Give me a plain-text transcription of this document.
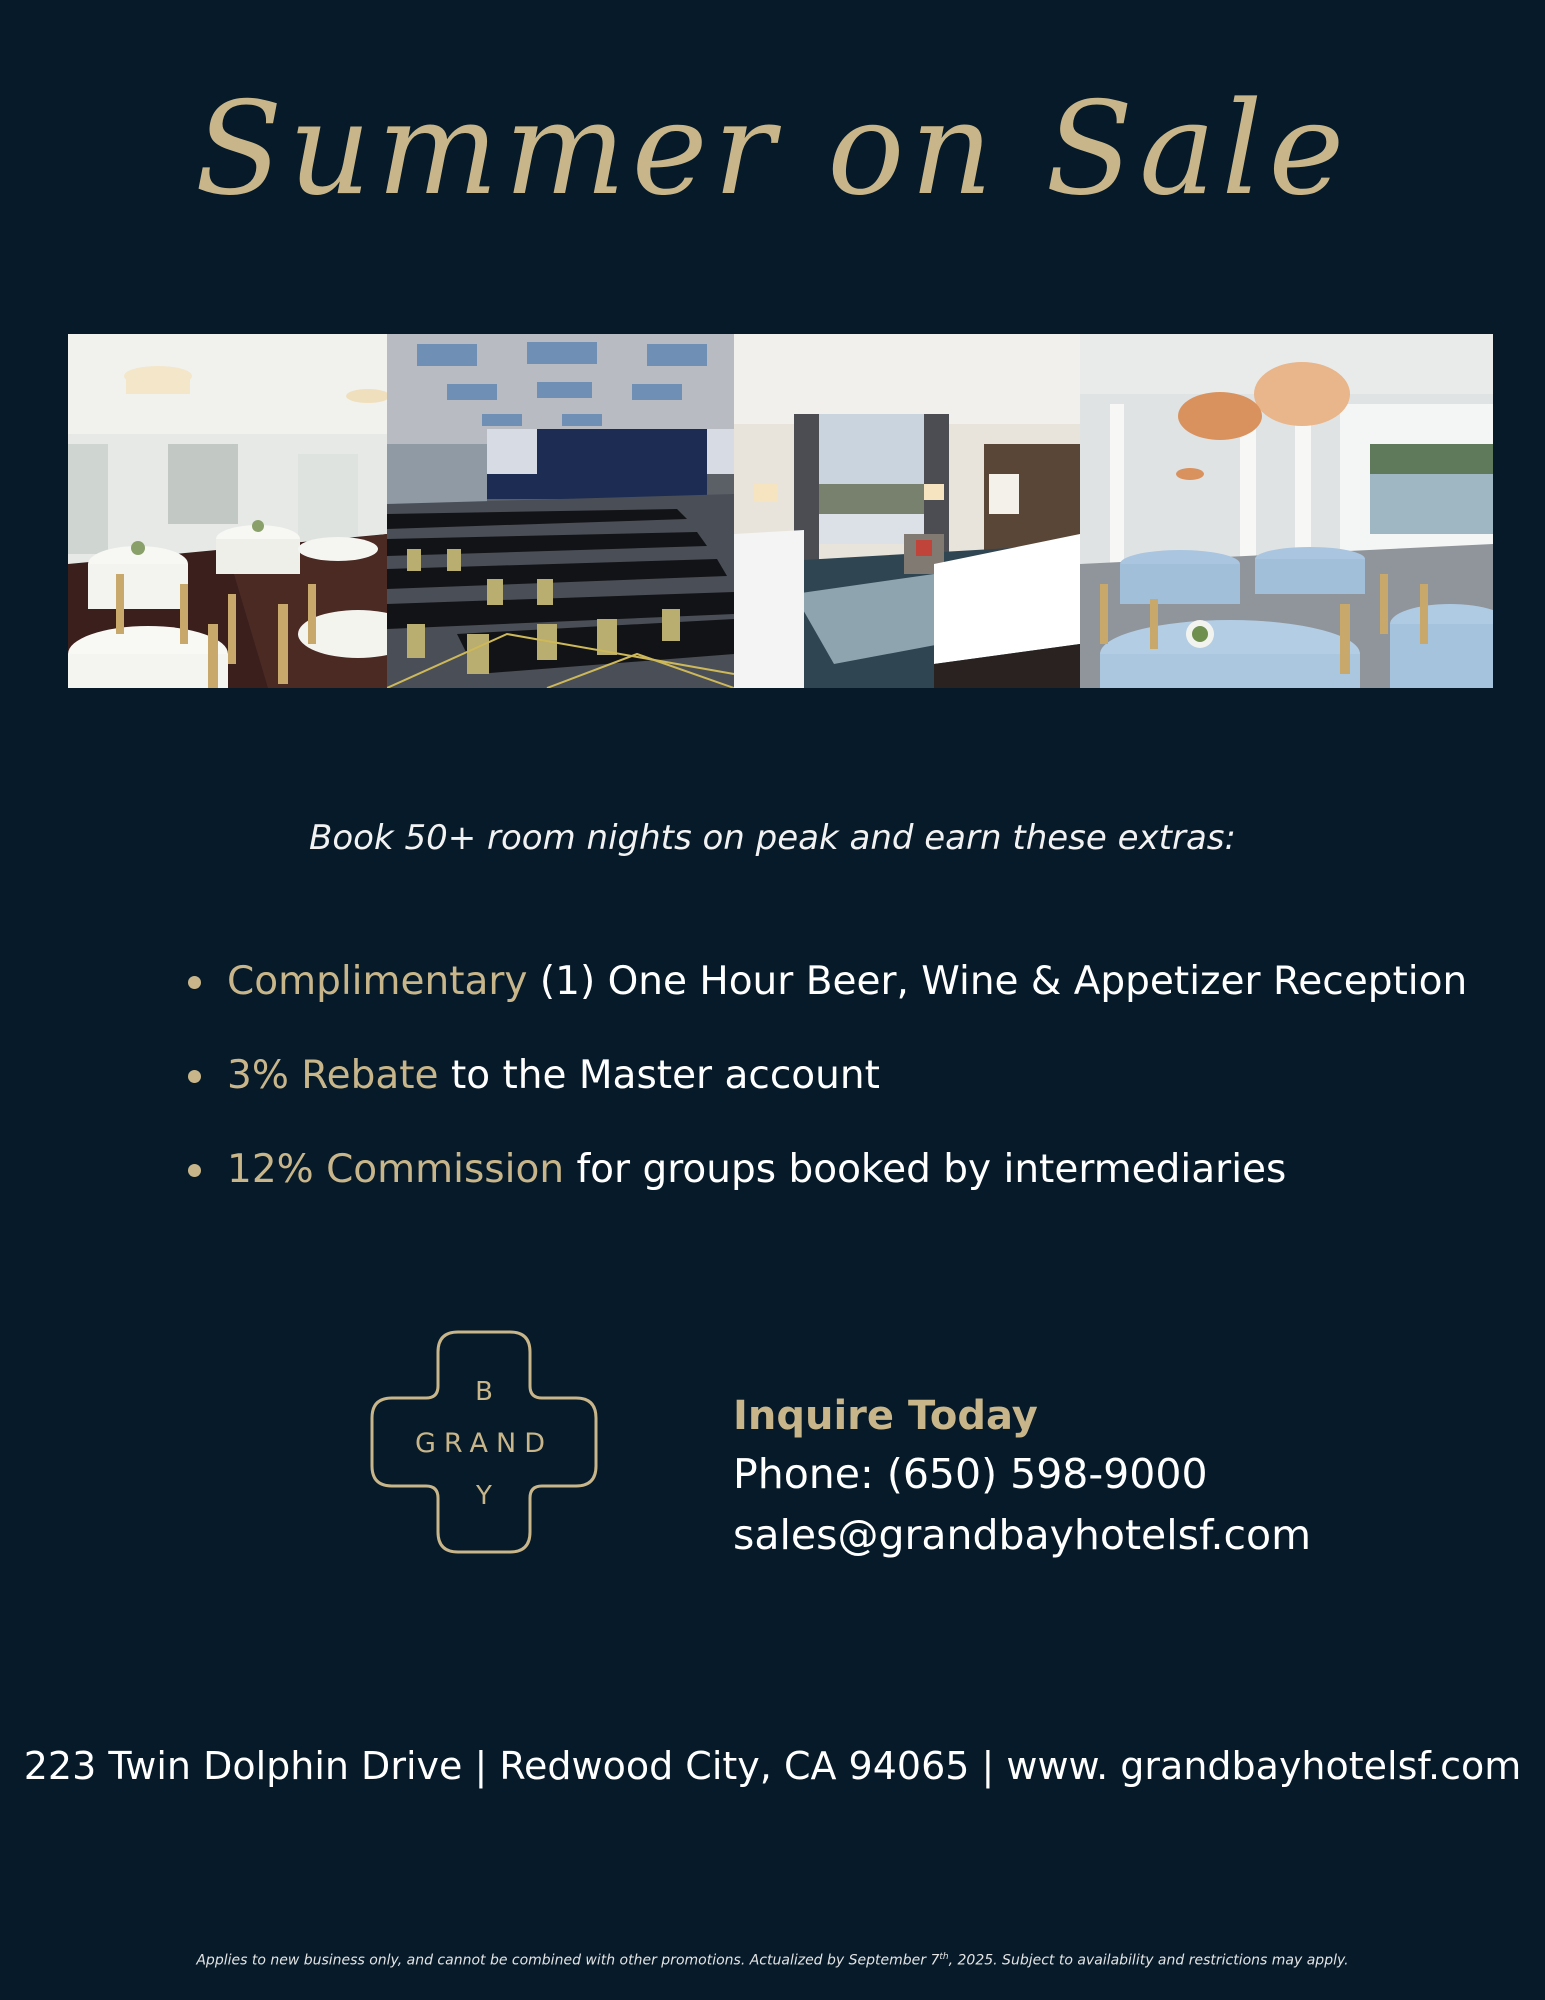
Summer on Sale
Book 50+ room nights on peak and earn these extras:
Complimentary (1) One Hour Beer, Wine & Appetizer Reception
3% Rebate to the Master account
12% Commission for groups booked by intermediaries
B
GRAND
Y
Inquire Today
Phone: (650) 598-9000
sales@grandbayhotelsf.com
223 Twin Dolphin Drive | Redwood City, CA 94065 | www. grandbayhotelsf.com
Applies to new business only, and cannot be combined with other promotions. Actualized by September 7th, 2025. Subject to availability and restrictions may apply.
